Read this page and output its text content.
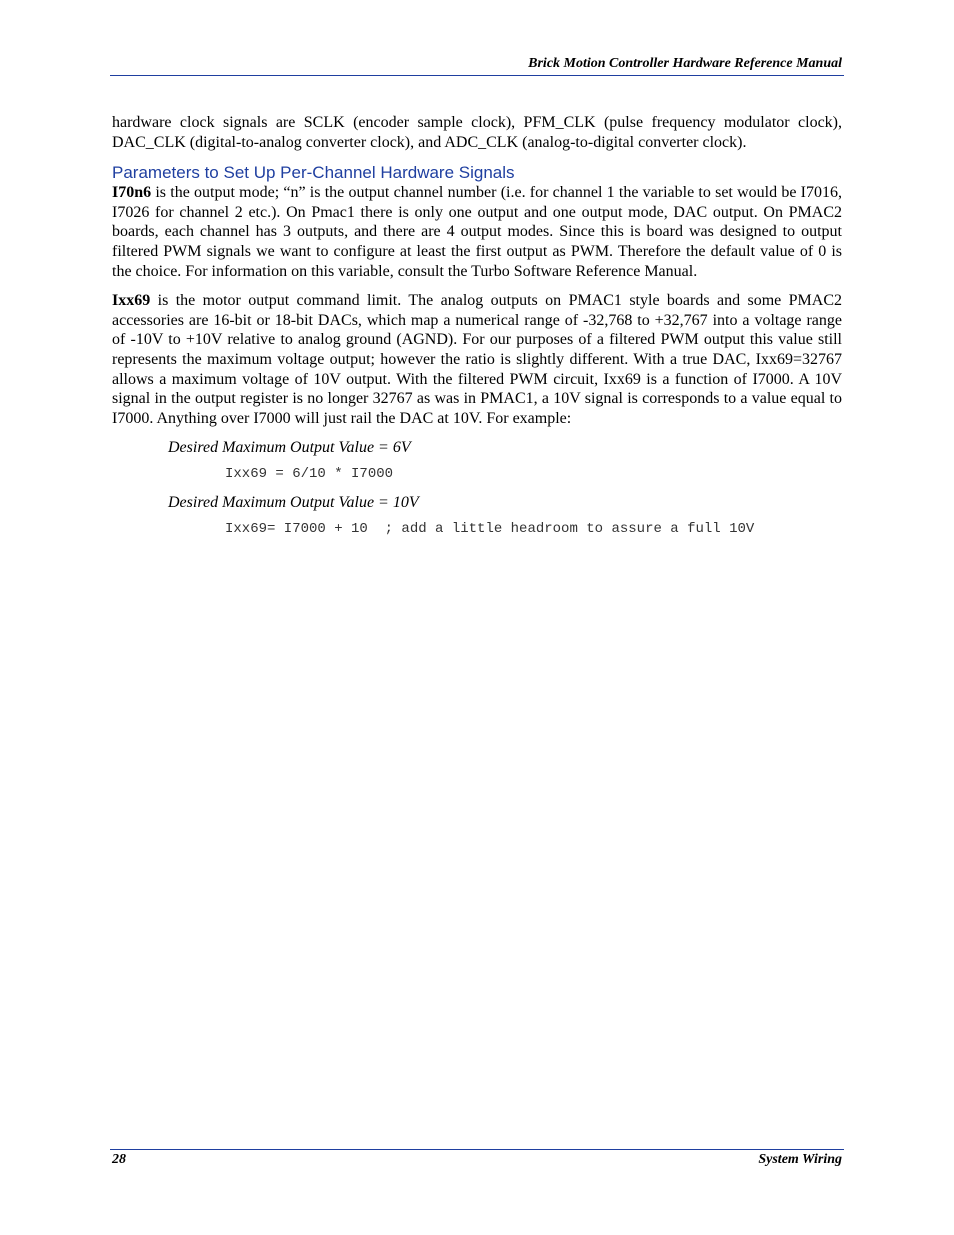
Brick Motion Controller Hardware Reference Manual

hardware clock signals are SCLK (encoder sample clock), PFM_CLK (pulse frequency modulator clock), DAC_CLK (digital-to-analog converter clock), and ADC_CLK (analog-to-digital converter clock).

Parameters to Set Up Per-Channel Hardware Signals

I70n6 is the output mode; “n” is the output channel number (i.e. for channel 1 the variable to set would be I7016, I7026 for channel 2 etc.). On Pmac1 there is only one output and one output mode, DAC output. On PMAC2 boards, each channel has 3 outputs, and there are 4 output modes. Since this is board was designed to output filtered PWM signals we want to configure at least the first output as PWM. Therefore the default value of 0 is the choice. For information on this variable, consult the Turbo Software Reference Manual.

Ixx69 is the motor output command limit. The analog outputs on PMAC1 style boards and some PMAC2 accessories are 16-bit or 18-bit DACs, which map a numerical range of -32,768 to +32,767 into a voltage range of -10V to +10V relative to analog ground (AGND). For our purposes of a filtered PWM output this value still represents the maximum voltage output; however the ratio is slightly different. With a true DAC, Ixx69=32767 allows a maximum voltage of 10V output. With the filtered PWM circuit, Ixx69 is a function of I7000. A 10V signal in the output register is no longer 32767 as was in PMAC1, a 10V signal is corresponds to a value equal to I7000. Anything over I7000 will just rail the DAC at 10V. For example:

Desired Maximum Output Value = 6V
Ixx69 = 6/10 * I7000
Desired Maximum Output Value = 10V
Ixx69= I7000 + 10  ; add a little headroom to assure a full 10V
28	System Wiring
